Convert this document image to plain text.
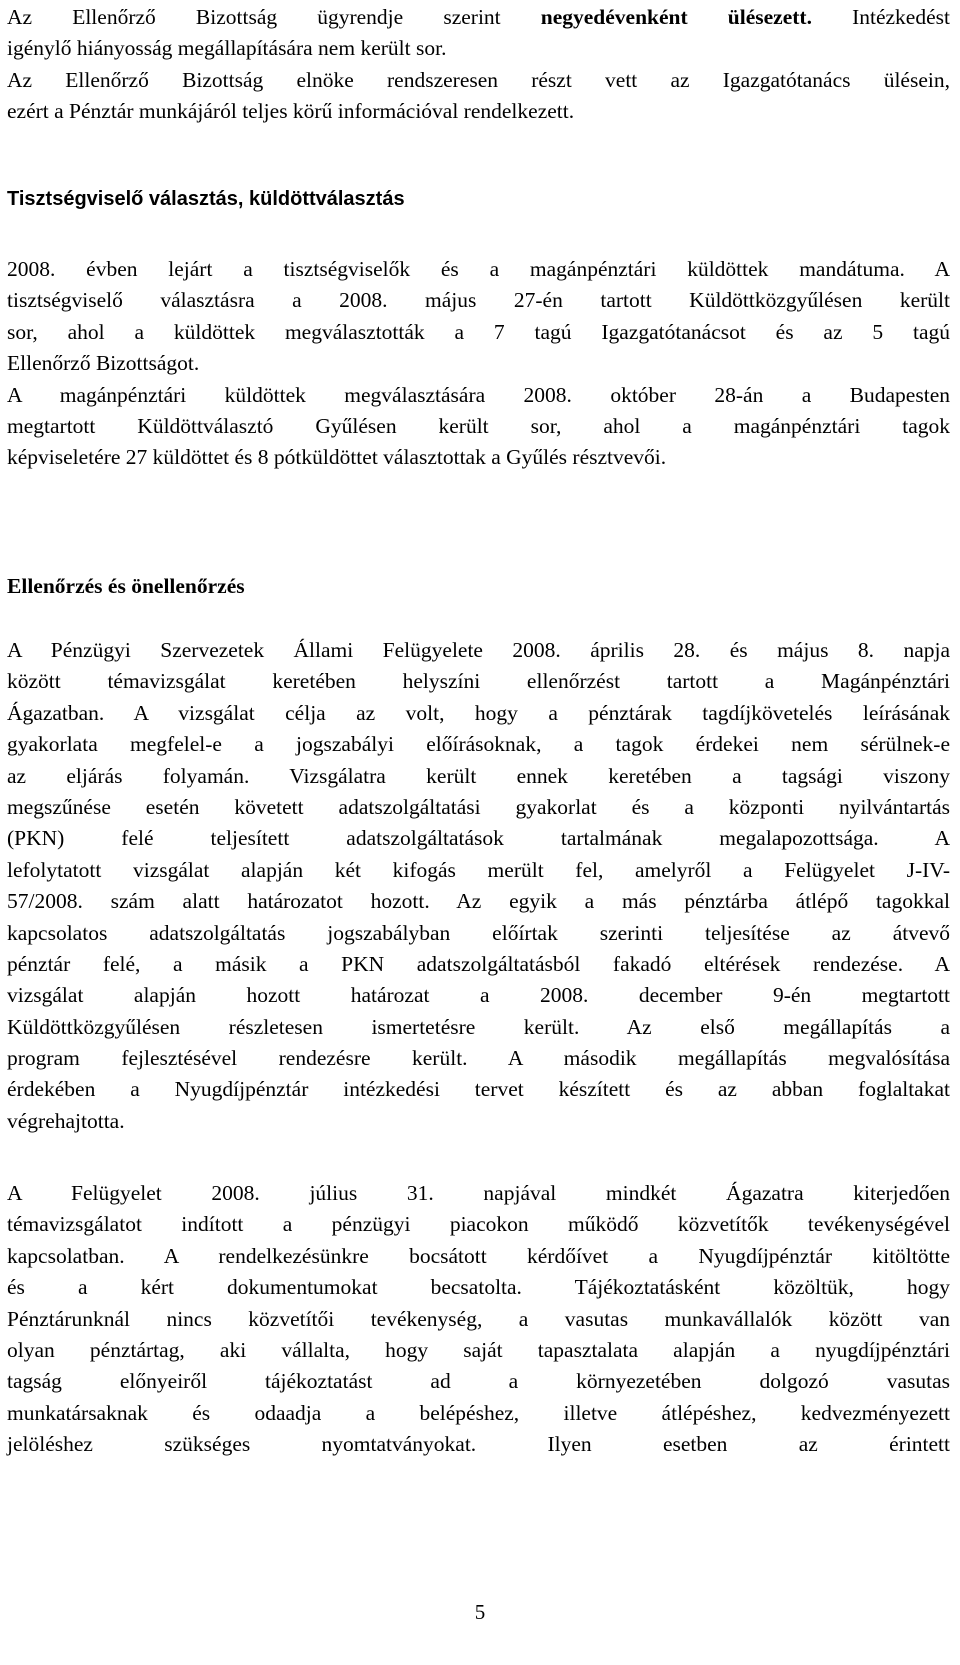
Az Ellenőrző Bizottság ügyrendje szerint negyedévenként ülésezett. Intézkedést
igénylő hiányosság megállapítására nem került sor.
Az Ellenőrző Bizottság elnöke rendszeresen részt vett az Igazgatótanács ülésein,
ezért a Pénztár munkájáról teljes körű információval rendelkezett.
Tisztségviselő választás, küldöttválasztás
2008. évben lejárt a tisztségviselők és a magánpénztári küldöttek mandátuma. A
tisztségviselő választásra a 2008. május 27-én tartott Küldöttközgyűlésen került
sor, ahol a küldöttek megválasztották a 7 tagú Igazgatótanácsot és az 5 tagú
Ellenőrző Bizottságot.
A magánpénztári küldöttek megválasztására 2008. október 28-án a Budapesten
megtartott Küldöttválasztó Gyűlésen került sor, ahol a magánpénztári tagok
képviseletére 27 küldöttet és 8 pótküldöttet választottak a Gyűlés résztvevői.
Ellenőrzés és önellenőrzés
A Pénzügyi Szervezetek Állami Felügyelete 2008. április 28. és május 8. napja
között témavizsgálat keretében helyszíni ellenőrzést tartott a Magánpénztári
Ágazatban. A vizsgálat célja az volt, hogy a pénztárak tagdíjkövetelés leírásának
gyakorlata megfelel-e a jogszabályi előírásoknak, a tagok érdekei nem sérülnek-e
az eljárás folyamán. Vizsgálatra került ennek keretében a tagsági viszony
megszűnése esetén követett adatszolgáltatási gyakorlat és a központi nyilvántartás
(PKN) felé teljesített adatszolgáltatások tartalmának megalapozottsága. A
lefolytatott vizsgálat alapján két kifogás merült fel, amelyről a Felügyelet J-IV-
57/2008. szám alatt határozatot hozott. Az egyik a más pénztárba átlépő tagokkal
kapcsolatos adatszolgáltatás jogszabályban előírtak szerinti teljesítése az átvevő
pénztár felé, a másik a PKN adatszolgáltatásból fakadó eltérések rendezése. A
vizsgálat alapján hozott határozat a 2008. december 9-én megtartott
Küldöttközgyűlésen részletesen ismertetésre került. Az első megállapítás a
program fejlesztésével rendezésre került. A második megállapítás megvalósítása
érdekében a Nyugdíjpénztár intézkedési tervet készített és az abban foglaltakat
végrehajtotta.
A Felügyelet 2008. július 31. napjával mindkét Ágazatra kiterjedően
témavizsgálatot indított a pénzügyi piacokon működő közvetítők tevékenységével
kapcsolatban. A rendelkezésünkre bocsátott kérdőívet a Nyugdíjpénztár kitöltötte
és a kért dokumentumokat becsatolta. Tájékoztatásként közöltük, hogy
Pénztárunknál nincs közvetítői tevékenység, a vasutas munkavállalók között van
olyan pénztártag, aki vállalta, hogy saját tapasztalata alapján a nyugdíjpénztári
tagság előnyeiről tájékoztatást ad a környezetében dolgozó vasutas
munkatársaknak és odaadja a belépéshez, illetve átlépéshez, kedvezményezett
jelöléshez szükséges nyomtatványokat. Ilyen esetben az érintett
5
